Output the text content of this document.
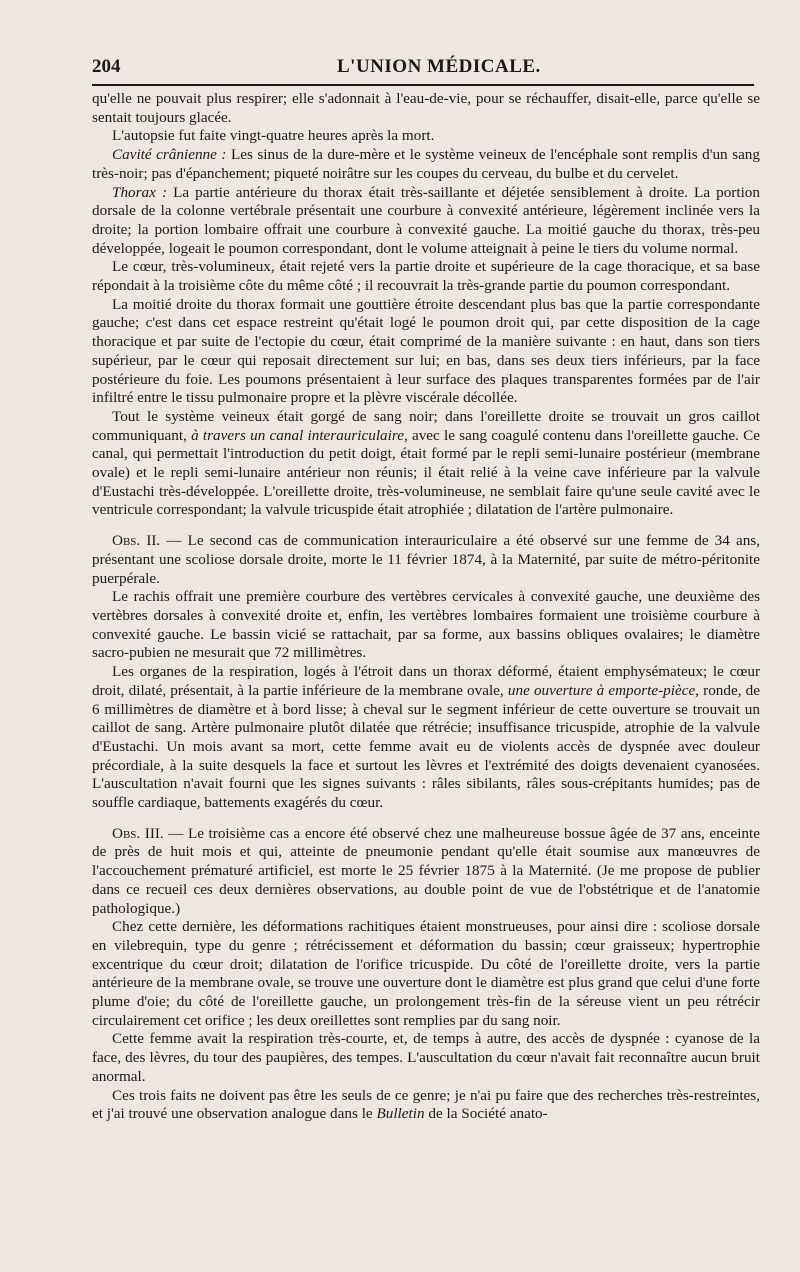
204	L'UNION MÉDICALE.

qu'elle ne pouvait plus respirer; elle s'adonnait à l'eau-de-vie, pour se réchauffer, disait-elle, parce qu'elle se sentait toujours glacée.

L'autopsie fut faite vingt-quatre heures après la mort.

Cavité crânienne : Les sinus de la dure-mère et le système veineux de l'encéphale sont remplis d'un sang très-noir; pas d'épanchement; piqueté noirâtre sur les coupes du cerveau, du bulbe et du cervelet.

Thorax : La partie antérieure du thorax était très-saillante et déjetée sensiblement à droite. La portion dorsale de la colonne vertébrale présentait une courbure à convexité antérieure, légèrement inclinée vers la droite; la portion lombaire offrait une courbure à convexité gauche. La moitié gauche du thorax, très-peu développée, logeait le poumon correspondant, dont le volume atteignait à peine le tiers du volume normal.

Le cœur, très-volumineux, était rejeté vers la partie droite et supérieure de la cage thoracique, et sa base répondait à la troisième côte du même côté ; il recouvrait la très-grande partie du poumon correspondant.

La moitié droite du thorax formait une gouttière étroite descendant plus bas que la partie correspondante gauche; c'est dans cet espace restreint qu'était logé le poumon droit qui, par cette disposition de la cage thoracique et par suite de l'ectopie du cœur, était comprimé de la manière suivante : en haut, dans son tiers supérieur, par le cœur qui reposait directement sur lui; en bas, dans ses deux tiers inférieurs, par la face postérieure du foie. Les poumons présentaient à leur surface des plaques transparentes formées par de l'air infiltré entre le tissu pulmonaire propre et la plèvre viscérale décollée.

Tout le système veineux était gorgé de sang noir; dans l'oreillette droite se trouvait un gros caillot communiquant, à travers un canal interauriculaire, avec le sang coagulé contenu dans l'oreillette gauche. Ce canal, qui permettait l'introduction du petit doigt, était formé par le repli semi-lunaire postérieur (membrane ovale) et le repli semi-lunaire antérieur non réunis; il était relié à la veine cave inférieure par la valvule d'Eustachi très-développée. L'oreillette droite, très-volumineuse, ne semblait faire qu'une seule cavité avec le ventricule correspondant; la valvule tricuspide était atrophiée ; dilatation de l'artère pulmonaire.

Obs. II. — Le second cas de communication interauriculaire a été observé sur une femme de 34 ans, présentant une scoliose dorsale droite, morte le 11 février 1874, à la Maternité, par suite de métro-péritonite puerpérale.

Le rachis offrait une première courbure des vertèbres cervicales à convexité gauche, une deuxième des vertèbres dorsales à convexité droite et, enfin, les vertèbres lombaires formaient une troisième courbure à convexité gauche. Le bassin vicié se rattachait, par sa forme, aux bassins obliques ovalaires; le diamètre sacro-pubien ne mesurait que 72 millimètres.

Les organes de la respiration, logés à l'étroit dans un thorax déformé, étaient emphysémateux; le cœur droit, dilaté, présentait, à la partie inférieure de la membrane ovale, une ouverture à emporte-pièce, ronde, de 6 millimètres de diamètre et à bord lisse; à cheval sur le segment inférieur de cette ouverture se trouvait un caillot de sang. Artère pulmonaire plutôt dilatée que rétrécie; insuffisance tricuspide, atrophie de la valvule d'Eustachi. Un mois avant sa mort, cette femme avait eu de violents accès de dyspnée avec douleur précordiale, à la suite desquels la face et surtout les lèvres et l'extrémité des doigts devenaient cyanosées. L'auscultation n'avait fourni que les signes suivants : râles sibilants, râles sous-crépitants humides; pas de souffle cardiaque, battements exagérés du cœur.

Obs. III. — Le troisième cas a encore été observé chez une malheureuse bossue âgée de 37 ans, enceinte de près de huit mois et qui, atteinte de pneumonie pendant qu'elle était soumise aux manœuvres de l'accouchement prématuré artificiel, est morte le 25 février 1875 à la Maternité. (Je me propose de publier dans ce recueil ces deux dernières observations, au double point de vue de l'obstétrique et de l'anatomie pathologique.)

Chez cette dernière, les déformations rachitiques étaient monstrueuses, pour ainsi dire : scoliose dorsale en vilebrequin, type du genre ; rétrécissement et déformation du bassin; cœur graisseux; hypertrophie excentrique du cœur droit; dilatation de l'orifice tricuspide. Du côté de l'oreillette droite, vers la partie antérieure de la membrane ovale, se trouve une ouverture dont le diamètre est plus grand que celui d'une forte plume d'oie; du côté de l'oreillette gauche, un prolongement très-fin de la séreuse vient un peu rétrécir circulairement cet orifice ; les deux oreillettes sont remplies par du sang noir.

Cette femme avait la respiration très-courte, et, de temps à autre, des accès de dyspnée : cyanose de la face, des lèvres, du tour des paupières, des tempes. L'auscultation du cœur n'avait fait reconnaître aucun bruit anormal.

Ces trois faits ne doivent pas être les seuls de ce genre; je n'ai pu faire que des recherches très-restreintes, et j'ai trouvé une observation analogue dans le Bulletin de la Société anato-
